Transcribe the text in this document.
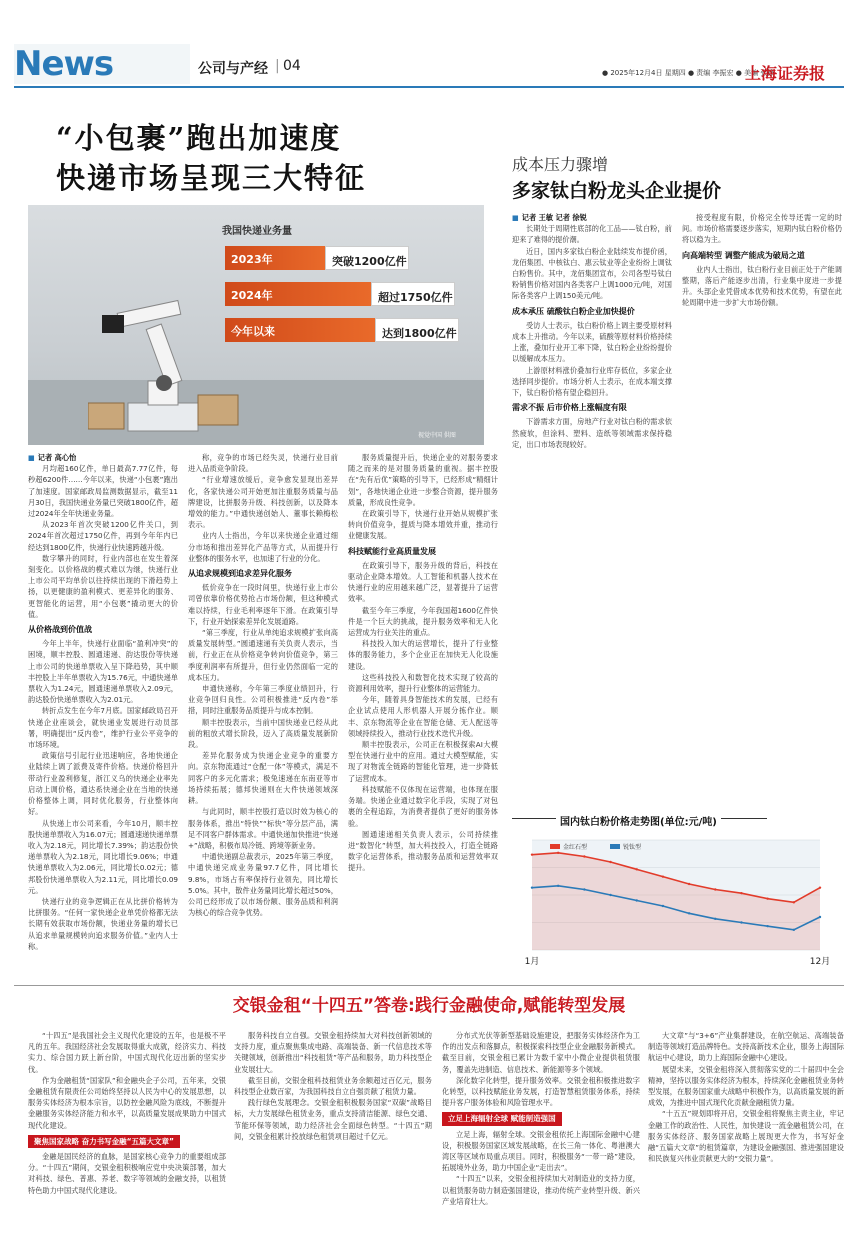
News	公司与产经
| 04	● 2025年12月4日 星期四 ● 责编 李振宏 ● 美编 张锋
上海证券报
“小包裹”跑出加速度
快递市场呈现三大特征
视觉中国 供图
我国快递业务量
2023年	突破1200亿件
2024年	超过1750亿件
今年以来	达到1800亿件
成本压力骤增
多家钛白粉龙头企业提价
■ 记者 高心怡

月均超160亿件，单日最高7.77亿件，每秒超6200件……今年以来，快递“小包裹”跑出了加速度。国家邮政局监测数据显示，截至11月30日，我国快递业务量已突破1800亿件，超过2024年全年快递业务量。

从2023年首次突破1200亿件关口，到2024年首次超过1750亿件，再到今年年内已经达到1800亿件，快递行业快速跨越升级。

数字攀升的同时，行业内部也在发生着深刻变化。以价格战的模式难以为继，快递行业上市公司平均单价以往持续出现的下滑趋势上扬，以更健康的盈利模式、更差异化的服务、更智能化的运营，用“小包裹”撬动更大的价值。

从价格战到价值战

今年上半年，快递行业面临“盈利冲突”的困境，顺丰控股、圆通速递、韵达股份等快递上市公司的快递单票收入呈下降趋势，其中顺丰控股上半年单票收入为15.76元，中通快递单票收入为1.24元，圆通速递单票收入2.09元，韵达股份快递单票收入为2.01元。

转折点发生在今年7月底。国家邮政局召开快递企业座谈会，就快递业发展进行动员部署，明确提出“反内卷”，维护行业公平竞争的市场环境。

政策信号引起行业迅速响应，各地快递企业陆续上调了派费及寄件价格。快递价格回升带动行业盈利修复，浙江义乌的快递企业率先启动上调价格，通达系快递企业在当地的快递价格整体上调，同时优化服务，行业整体向好。

从快递上市公司来看，今年10月，顺丰控股快递单票收入为16.07元；圆通速递快递单票收入为2.18元，同比增长7.39%；韵达股份快递单票收入为2.18元，同比增长9.06%；申通快递单票收入为2.06元，同比增长0.02元；德邦股份快递单票收入为2.11元，同比增长0.09元。

快递行业的竞争逻辑正在从比拼价格转为比拼服务。“任何一家快递企业单凭价格都无法长期有效获取市场份额，快递业务量的增长已从追求单量规模转向追求服务价值。”业内人士称。

称，竞争的市场已经失灵，快递行业目前进入品质竞争阶段。

“行业增速放缓后，竞争愈发显现出差异化，各家快递公司开始更加注重服务质量与品牌建设，比拼服务升级、科技创新，以及降本增效的能力。”中通快递创始人、董事长赖梅松表示。

业内人士指出，今年以来快递企业通过细分市场和推出差异化产品等方式，从而提升行业整体的服务水平，也加速了行业的分化。

从追求规模到追求差异化服务

低价竞争在一段时间里，快递行业上市公司曾依靠价格优势抢占市场份额，但这种模式难以持续，行业毛利率逐年下滑。在政策引导下，行业开始探索差异化发展道路。

“第三季度，行业从单纯追求规模扩张向高质量发展转型。”圆通速递有关负责人表示，当前，行业正在从价格竞争转向价值竞争，第三季度利润率有所提升，但行业仍然面临一定的成本压力。

申通快递称，今年第三季度业绩回升，行业竞争回归良性。公司积极推进“反内卷”举措，同时注重服务品质提升与成本控制。

顺丰控股表示，当前中国快递业已经从此前的粗放式增长阶段，迈入了高质量发展新阶段。

差异化服务成为快递企业竞争的重要方向。京东物流通过“仓配一体”等模式，满足不同客户的多元化需求；极兔速递在东南亚等市场持续拓展；德邦快递则在大件快递领域深耕。

与此同时，顺丰控股打造以时效为核心的服务体系，推出“特快”“标快”等分层产品，满足不同客户群体需求。中通快递加快推进“快递+”战略，积极布局冷链、跨境等新业务。

中通快递副总裁表示，2025年第三季度，中通快递完成业务量97.7亿件，同比增长9.8%，市场占有率保持行业领先，同比增长5.0%。其中，散件业务量同比增长超过50%，公司已经形成了以市场份额、服务品质和利润为核心的综合竞争优势。

服务质量提升后，快递企业的对服务要求随之而来的是对服务质量的重视。据丰控股在“先有后优”策略的引导下，已经形成“精细计划”，各地快递企业进一步整合资源，提升服务质量，形成良性竞争。

在政策引导下，快递行业开始从规模扩张转向价值竞争，提质与降本增效并重，推动行业健康发展。

科技赋能行业高质量发展

在政策引导下，服务升级的背后，科技在驱动企业降本增效。人工智能和机器人技术在快递行业的应用越来越广泛，显著提升了运营效率。

截至今年三季度，今年我国超1600亿件快件是一个巨大的挑战，提升服务效率和无人化运营成为行业关注的重点。

科技投入加大的运营增长，提升了行业整体的服务能力，多个企业正在加快无人化设施建设。

这些科技投入和数智化技术实现了较高的资源利用效率，提升行业整体的运营能力。

今年，随着具身智能技术的发展，已经有企业试点使用人形机器人开展分拣作业。顺丰、京东物流等企业在智能仓储、无人配送等领域持续投入，推动行业技术迭代升级。

顺丰控股表示，公司正在积极探索AI大模型在快递行业中的应用。通过大模型赋能，实现了对物流全链路的智能化管理，进一步降低了运营成本。

科技赋能不仅体现在运营端，也体现在服务端。快递企业通过数字化手段，实现了对包裹的全程追踪，为消费者提供了更好的服务体验。

圆通速递相关负责人表示，公司持续推进“数智化”转型，加大科技投入，打造全链路数字化运营体系，推动服务品质和运营效率双提升。

■ 记者 王敏 记者 徐锐

长期处于周期性底部的化工品——钛白粉，前迎来了难得的提价潮。

近日，国内多家钛白粉企业陆续发布提价函，龙佰集团、中核钛白、惠云钛业等企业纷纷上调钛白粉售价。其中，龙佰集团宣布，公司各型号钛白粉销售价格对国内各类客户上调1000元/吨，对国际各类客户上调150美元/吨。

成本承压 硫酸钛白粉企业加快提价

受访人士表示，钛白粉价格上调主要受原材料成本上升推动。今年以来，硫酸等原材料价格持续上涨，叠加行业开工率下降，钛白粉企业纷纷提价以缓解成本压力。

上游原材料涨价叠加行业库存低位，多家企业选择同步提价。市场分析人士表示，在成本端支撑下，钛白粉价格有望企稳回升。

需求不振 后市价格上涨幅度有限

下游需求方面，房地产行业对钛白粉的需求依然疲软，但涂料、塑料、造纸等领域需求保持稳定，出口市场表现较好。

接受程度有限，价格完全传导还需一定的时间。市场价格需要逐步落实，短期内钛白粉价格仍将以稳为主。

向高端转型 调整产能成为破局之道

业内人士指出，钛白粉行业目前正处于产能调整期，落后产能逐步出清，行业集中度进一步提升。头部企业凭借成本优势和技术优势，有望在此轮周期中进一步扩大市场份额。

国内钛白粉价格走势图(单位:元/吨)
金红石型	锐钛型
1月	12月
交银金租“十四五”答卷:践行金融使命,赋能转型发展

“十四五”是我国社会主义现代化建设的五年，也是极不平凡的五年。我国经济社会发展取得重大成就，经济实力、科技实力、综合国力跃上新台阶，中国式现代化迈出新的坚实步伐。

作为金融租赁“国家队”和金融央企子公司，五年来，交银金融租赁有限责任公司始终坚持以人民为中心的发展思想，以服务实体经济为根本宗旨，以防控金融风险为底线，不断提升金融服务实体经济能力和水平，以高质量发展成果助力中国式现代化建设。

聚焦国家战略 奋力书写金融“五篇大文章”

金融是国民经济的血脉，是国家核心竞争力的重要组成部分。“十四五”期间，交银金租积极响应党中央决策部署，加大对科技、绿色、普惠、养老、数字等领域的金融支持，以租赁特色助力中国式现代化建设。

服务科技自立自强。交银金租持续加大对科技创新领域的支持力度，重点聚焦集成电路、高端装备、新一代信息技术等关键领域，创新推出“科技租赁”等产品和服务，助力科技型企业发展壮大。

截至目前，交银金租科技租赁业务余额超过百亿元，服务科技型企业数百家，为我国科技自立自强贡献了租赁力量。

践行绿色发展理念。交银金租积极服务国家“双碳”战略目标，大力发展绿色租赁业务，重点支持清洁能源、绿色交通、节能环保等领域，助力经济社会全面绿色转型。“十四五”期间，交银金租累计投放绿色租赁项目超过千亿元。

分布式光伏等新型基础设施建设，把服务实体经济作为工作的出发点和落脚点，积极探索科技型企业金融服务新模式。截至目前，交银金租已累计为数千家中小微企业提供租赁服务，覆盖先进制造、信息技术、新能源等多个领域。

深化数字化转型，提升服务效率。交银金租积极推进数字化转型，以科技赋能业务发展，打造智慧租赁服务体系，持续提升客户服务体验和风险管理水平。

立足上海辐射全球 赋能制造强国

立足上海，辐射全球。交银金租依托上海国际金融中心建设，积极服务国家区域发展战略，在长三角一体化、粤港澳大湾区等区域布局重点项目。同时，积极服务“一带一路”建设，拓展境外业务，助力中国企业“走出去”。

“十四五”以来，交银金租持续加大对制造业的支持力度，以租赁服务助力制造强国建设，推动传统产业转型升级、新兴产业培育壮大。

大文章”与“3+6”产业集群建设，在航空航运、高端装备制造等领域打造品牌特色。支持高新技术企业，服务上海国际航运中心建设，助力上海国际金融中心建设。

展望未来，交银金租将深入贯彻落实党的二十届四中全会精神，坚持以服务实体经济为根本，持续深化金融租赁业务转型发展，在服务国家重大战略中积极作为，以高质量发展的新成效，为推进中国式现代化贡献金融租赁力量。

“十五五”规划即将开启，交银金租将聚焦主责主业，牢记金融工作的政治性、人民性，加快建设一流金融租赁公司，在服务实体经济、服务国家战略上展现更大作为，书写好金融“五篇大文章”的租赁篇章，为建设金融强国、推进强国建设和民族复兴伟业贡献更大的“交银力量”。
